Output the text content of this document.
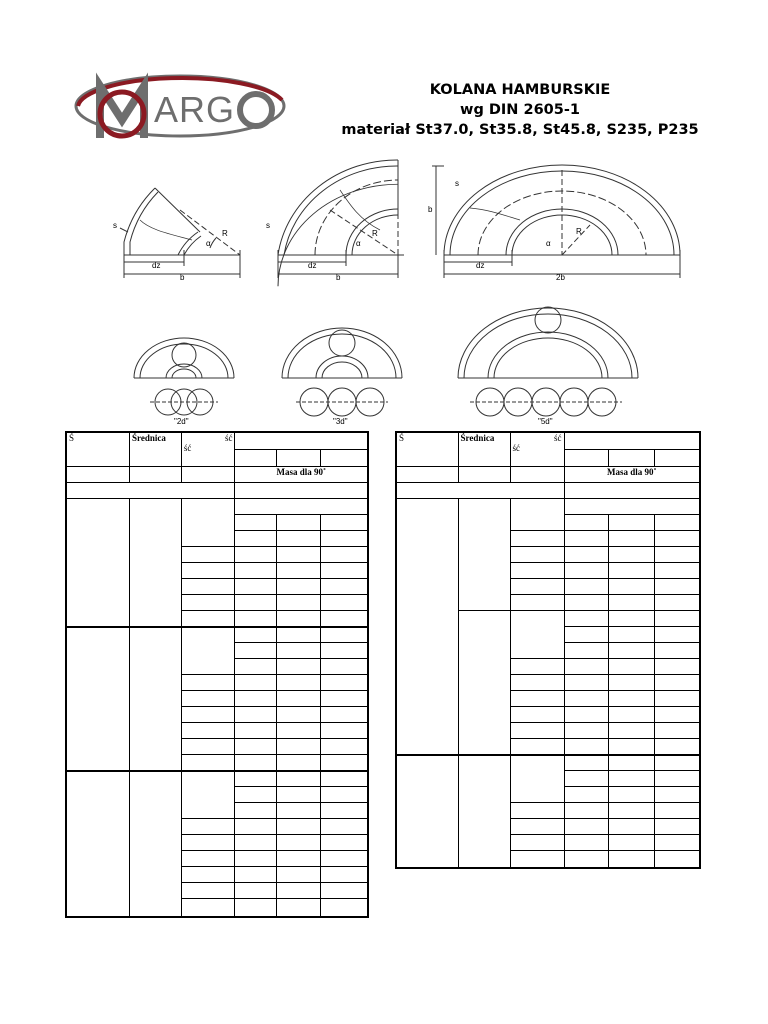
ARG	KOLANA HAMBURSKIE
wg DIN 2605-1
materiał St37.0, St35.8, St45.8, S235, P235
s
dz
b
R
α
s
dz
b
R
α
s
b
dz
2b
R
α
"2d"	"3d"	"5d"
Ś	Średnica	ść
ść			

			Masa dla 90˚		

Ś	Średnica	ść
ść			

			Masa dla 90˚		
